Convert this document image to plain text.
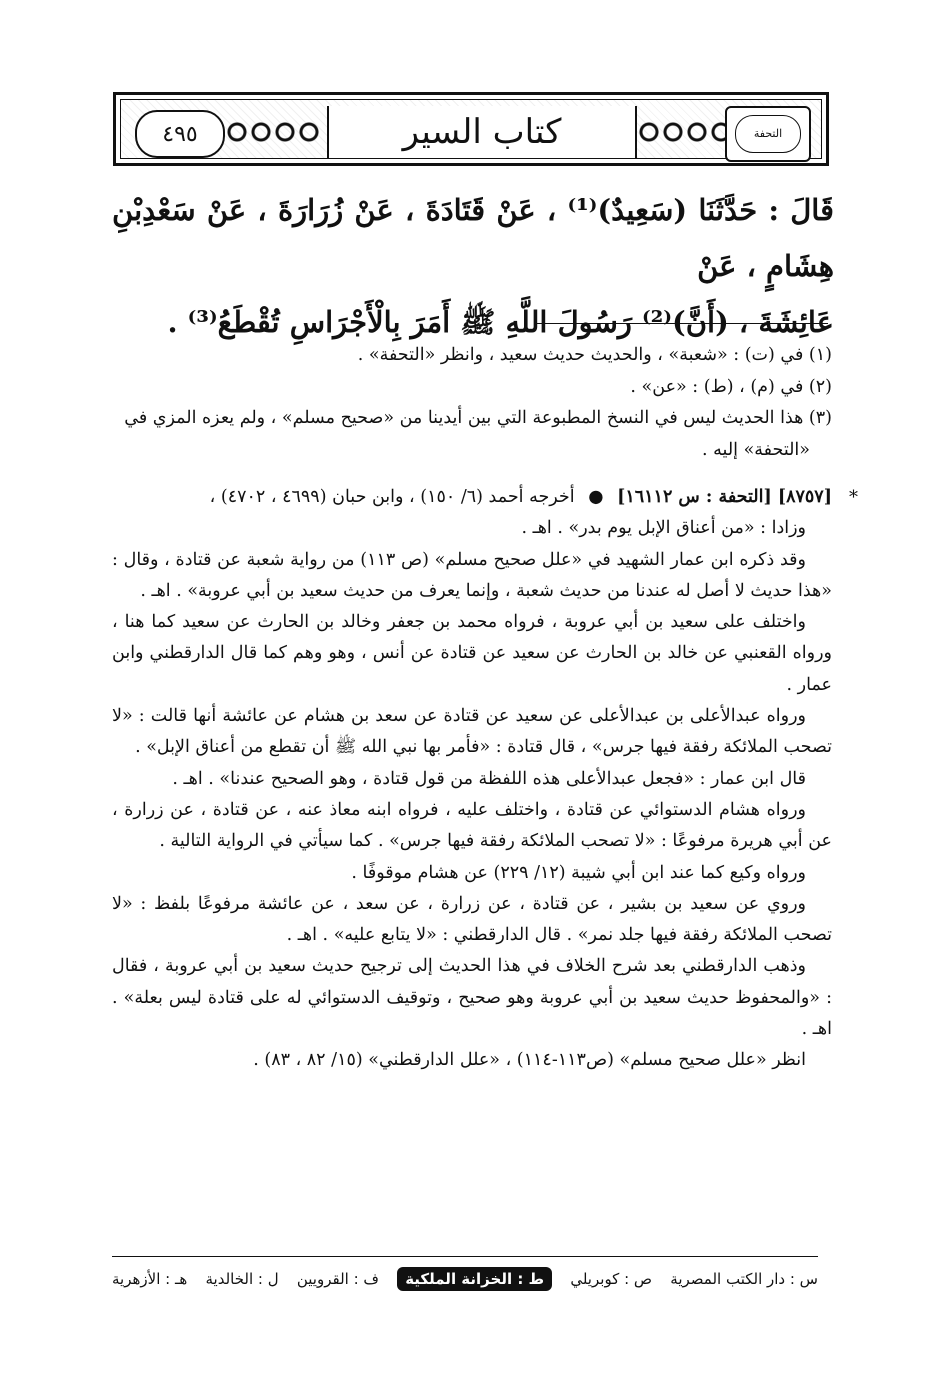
٤٩٥	كتاب السير	التحفة

قَالَ : حَدَّثَنَا (سَعِيدٌ)⁽¹⁾ ، عَنْ قَتَادَةَ ، عَنْ زُرَارَةَ ، عَنْ سَعْدِبْنِ هِشَامٍ ، عَنْ

عَائِشَةَ ، (أَنَّ)⁽²⁾ رَسُولَ اللَّهِ ﷺ أَمَرَ بِالْأَجْرَاسِ تُقْطَعُ⁽³⁾ .

(١) في (ت) : «شعبة» ، والحديث حديث سعيد ، وانظر «التحفة» .

(٢) في (م) ، (ط) : «عن» .

(٣) هذا الحديث ليس في النسخ المطبوعة التي بين أيدينا من «صحيح مسلم» ، ولم يعزه المزي في

«التحفة» إليه .

*
[٨٧٥٧] [التحفة : س ١٦١١٢] ● أخرجه أحمد (٦/ ١٥٠) ، وابن حبان (٤٦٩٩ ، ٤٧٠٢) ،

وزادا : «من أعناق الإبل يوم بدر» . اهـ .

وقد ذكره ابن عمار الشهيد في «علل صحيح مسلم» (ص ١١٣) من رواية شعبة عن قتادة ، وقال : «هذا حديث لا أصل له عندنا من حديث شعبة ، وإنما يعرف من حديث سعيد بن أبي عروبة» . اهـ .

واختلف على سعيد بن أبي عروبة ، فرواه محمد بن جعفر وخالد بن الحارث عن سعيد كما هنا ، ورواه القعنبي عن خالد بن الحارث عن سعيد عن قتادة عن أنس ، وهو وهم كما قال الدارقطني وابن عمار .

ورواه عبدالأعلى بن عبدالأعلى عن سعيد عن قتادة عن سعد بن هشام عن عائشة أنها قالت : «لا تصحب الملائكة رفقة فيها جرس» ، قال قتادة : «فأمر بها نبي الله ﷺ أن تقطع من أعناق الإبل» .

قال ابن عمار : «فجعل عبدالأعلى هذه اللفظة من قول قتادة ، وهو الصحيح عندنا» . اهـ .

ورواه هشام الدستوائي عن قتادة ، واختلف عليه ، فرواه ابنه معاذ عنه ، عن قتادة ، عن زرارة ، عن أبي هريرة مرفوعًا : «لا تصحب الملائكة رفقة فيها جرس» . كما سيأتي في الرواية التالية .

ورواه وكيع كما عند ابن أبي شيبة (١٢/ ٢٢٩) عن هشام موقوفًا .

وروي عن سعيد بن بشير ، عن قتادة ، عن زرارة ، عن سعد ، عن عائشة مرفوعًا بلفظ : «لا تصحب الملائكة رفقة فيها جلد نمر» . قال الدارقطني : «لا يتابع عليه» . اهـ .

وذهب الدارقطني بعد شرح الخلاف في هذا الحديث إلى ترجيح حديث سعيد بن أبي عروبة ، فقال : «والمحفوظ حديث سعيد بن أبي عروبة وهو صحيح ، وتوقيف الدستوائي له على قتادة ليس بعلة» . اهـ .

انظر «علل صحيح مسلم» (ص١١٣-١١٤) ، «علل الدارقطني» (١٥/ ٨٢ ، ٨٣) .

س : دار الكتب المصرية
ص : كوبريلي
ط : الخزانة الملكية
ف : القرويين
ل : الخالدية
هـ : الأزهرية
